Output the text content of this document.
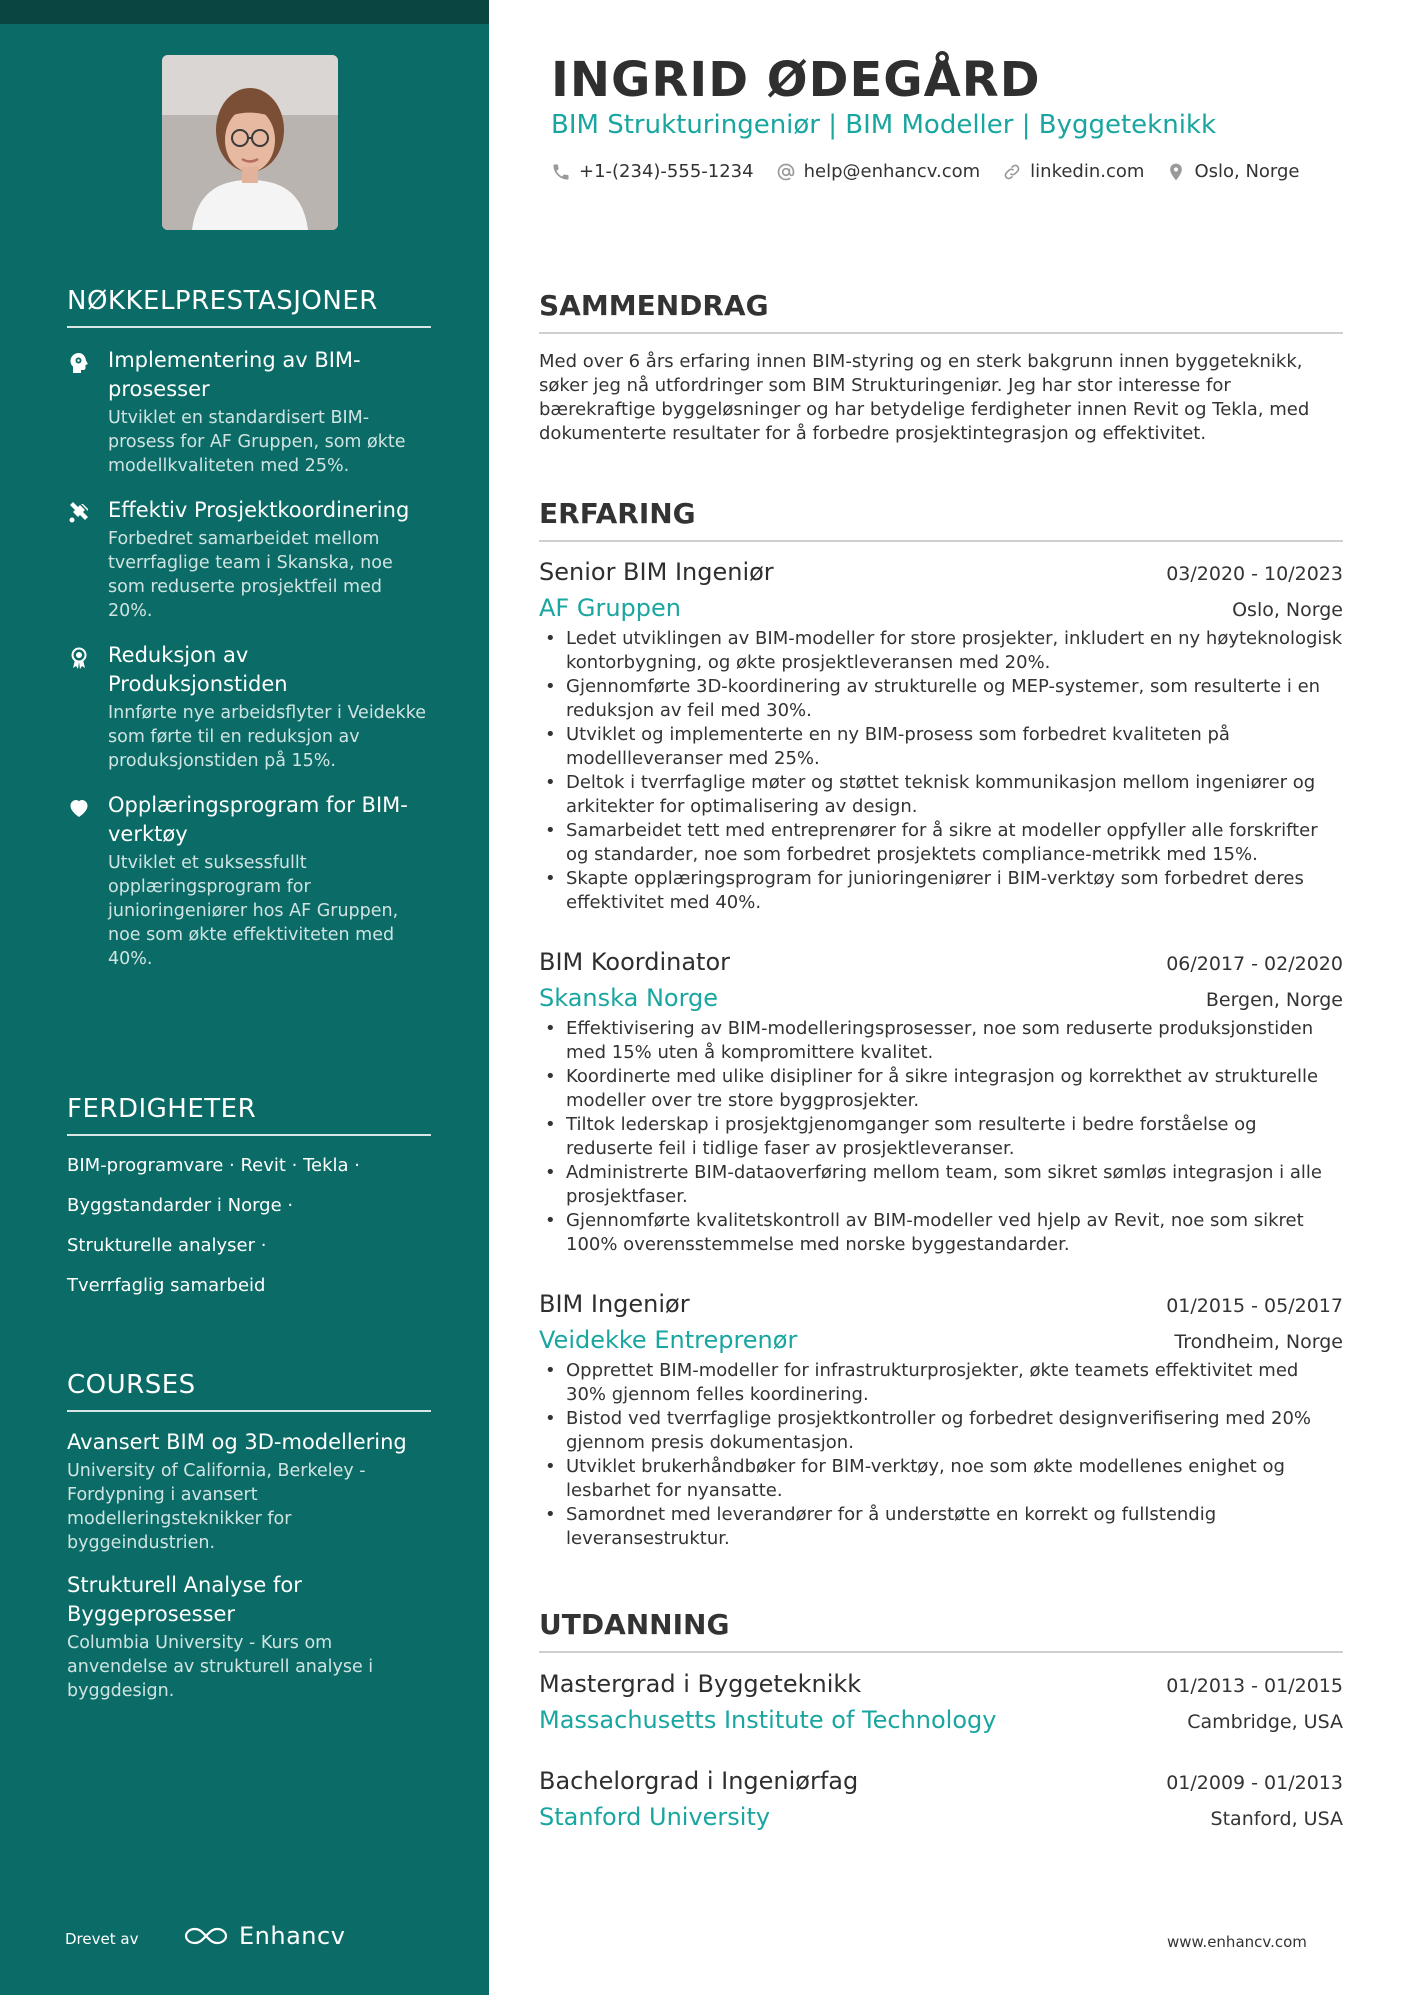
NØKKELPRESTASJONER
Implementering av BIM-prosesser
Utviklet en standardisert BIM-prosess for AF Gruppen, som økte modellkvaliteten med 25%.
Effektiv Prosjektkoordinering
Forbedret samarbeidet mellom tverrfaglige team i Skanska, noe som reduserte prosjektfeil med 20%.
Reduksjon av Produksjonstiden
Innførte nye arbeidsflyter i Veidekke som førte til en reduksjon av produksjonstiden på 15%.
Opplæringsprogram for BIM-verktøy
Utviklet et suksessfullt opplæringsprogram for junioringeniører hos AF Gruppen, noe som økte effektiviteten med 40%.
FERDIGHETER
BIM-programvare · Revit · Tekla ·
Byggstandarder i Norge ·
Strukturelle analyser ·
Tverrfaglig samarbeid
COURSES
Avansert BIM og 3D-modellering
University of California, Berkeley - Fordypning i avansert modelleringsteknikker for byggeindustrien.
Strukturell Analyse for Byggeprosesser
Columbia University - Kurs om anvendelse av strukturell analyse i byggdesign.
Drevet av	Enhancv
INGRID ØDEGÅRD
BIM Strukturingeniør | BIM Modeller | Byggeteknikk
+1-(234)-555-1234	help@enhancv.com	linkedin.com	Oslo, Norge
SAMMENDRAG

Med over 6 års erfaring innen BIM-styring og en sterk bakgrunn innen byggeteknikk, søker jeg nå utfordringer som BIM Strukturingeniør. Jeg har stor interesse for bærekraftige byggeløsninger og har betydelige ferdigheter innen Revit og Tekla, med dokumenterte resultater for å forbedre prosjektintegrasjon og effektivitet.

ERFARING
Senior BIM Ingeniør	03/2020 - 10/2023
AF Gruppen	Oslo, Norge
• Ledet utviklingen av BIM-modeller for store prosjekter, inkludert en ny høyteknologisk kontorbygning, og økte prosjektleveransen med 20%.
• Gjennomførte 3D-koordinering av strukturelle og MEP-systemer, som resulterte i en reduksjon av feil med 30%.
• Utviklet og implementerte en ny BIM-prosess som forbedret kvaliteten på modellleveranser med 25%.
• Deltok i tverrfaglige møter og støttet teknisk kommunikasjon mellom ingeniører og arkitekter for optimalisering av design.
• Samarbeidet tett med entreprenører for å sikre at modeller oppfyller alle forskrifter og standarder, noe som forbedret prosjektets compliance-metrikk med 15%.
• Skapte opplæringsprogram for junioringeniører i BIM-verktøy som forbedret deres effektivitet med 40%.
BIM Koordinator	06/2017 - 02/2020
Skanska Norge	Bergen, Norge
• Effektivisering av BIM-modelleringsprosesser, noe som reduserte produksjonstiden med 15% uten å kompromittere kvalitet.
• Koordinerte med ulike disipliner for å sikre integrasjon og korrekthet av strukturelle modeller over tre store byggprosjekter.
• Tiltok lederskap i prosjektgjenomganger som resulterte i bedre forståelse og reduserte feil i tidlige faser av prosjektleveranser.
• Administrerte BIM-dataoverføring mellom team, som sikret sømløs integrasjon i alle prosjektfaser.
• Gjennomførte kvalitetskontroll av BIM-modeller ved hjelp av Revit, noe som sikret 100% overensstemmelse med norske byggestandarder.
BIM Ingeniør	01/2015 - 05/2017
Veidekke Entreprenør	Trondheim, Norge
• Opprettet BIM-modeller for infrastrukturprosjekter, økte teamets effektivitet med 30% gjennom felles koordinering.
• Bistod ved tverrfaglige prosjektkontroller og forbedret designverifisering med 20% gjennom presis dokumentasjon.
• Utviklet brukerhåndbøker for BIM-verktøy, noe som økte modellenes enighet og lesbarhet for nyansatte.
• Samordnet med leverandører for å understøtte en korrekt og fullstendig leveransestruktur.
UTDANNING
Mastergrad i Byggeteknikk	01/2013 - 01/2015
Massachusetts Institute of Technology	Cambridge, USA
Bachelorgrad i Ingeniørfag	01/2009 - 01/2013
Stanford University	Stanford, USA
www.enhancv.com
